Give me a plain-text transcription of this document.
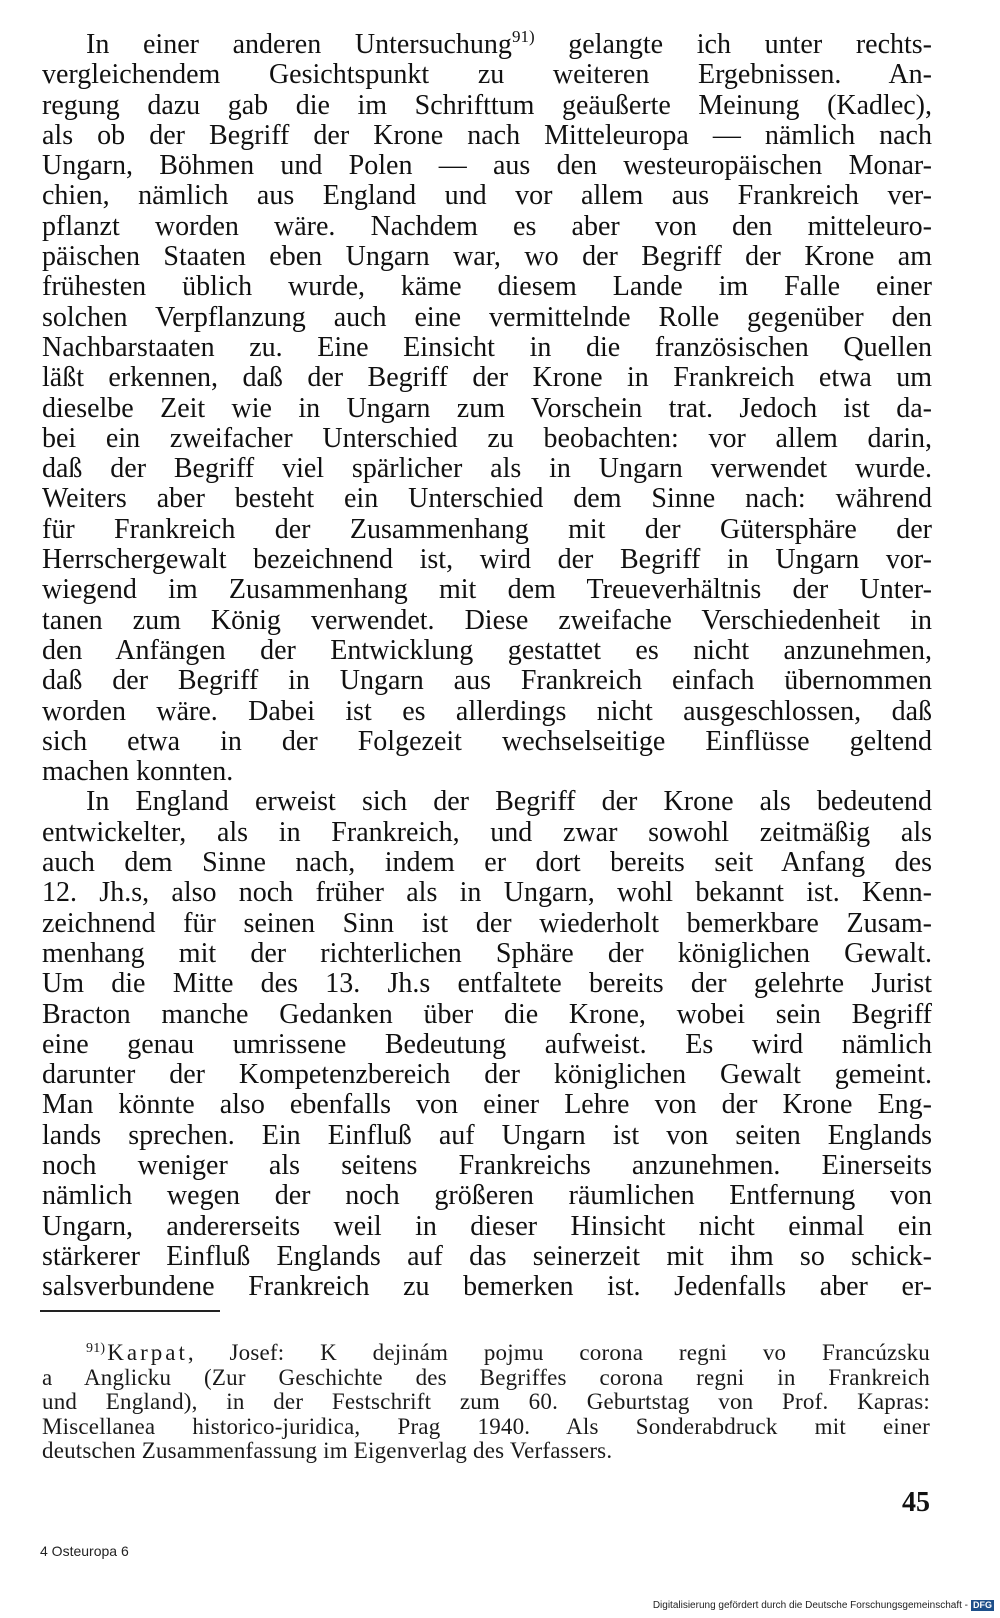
In einer anderen Untersuchung$^{91)}$ gelangte ich unter rechts-
vergleichendem Gesichtspunkt zu weiteren Ergebnissen. An-
regung dazu gab die im Schrifttum geäußerte Meinung (Kadlec),
als ob der Begriff der Krone nach Mitteleuropa — nämlich nach
Ungarn, Böhmen und Polen — aus den westeuropäischen Monar-
chien, nämlich aus England und vor allem aus Frankreich ver-
pflanzt worden wäre. Nachdem es aber von den mitteleuro-
päischen Staaten eben Ungarn war, wo der Begriff der Krone am
frühesten üblich wurde, käme diesem Lande im Falle einer
solchen Verpflanzung auch eine vermittelnde Rolle gegenüber den
Nachbarstaaten zu. Eine Einsicht in die französischen Quellen
läßt erkennen, daß der Begriff der Krone in Frankreich etwa um
dieselbe Zeit wie in Ungarn zum Vorschein trat. Jedoch ist da-
bei ein zweifacher Unterschied zu beobachten: vor allem darin,
daß der Begriff viel spärlicher als in Ungarn verwendet wurde.
Weiters aber besteht ein Unterschied dem Sinne nach: während
für Frankreich der Zusammenhang mit der Gütersphäre der
Herrschergewalt bezeichnend ist, wird der Begriff in Ungarn vor-
wiegend im Zusammenhang mit dem Treueverhältnis der Unter-
tanen zum König verwendet. Diese zweifache Verschiedenheit in
den Anfängen der Entwicklung gestattet es nicht anzunehmen,
daß der Begriff in Ungarn aus Frankreich einfach übernommen
worden wäre. Dabei ist es allerdings nicht ausgeschlossen, daß
sich etwa in der Folgezeit wechselseitige Einflüsse geltend
machen konnten.
In England erweist sich der Begriff der Krone als bedeutend
entwickelter, als in Frankreich, und zwar sowohl zeitmäßig als
auch dem Sinne nach, indem er dort bereits seit Anfang des
12. Jh.s, also noch früher als in Ungarn, wohl bekannt ist. Kenn-
zeichnend für seinen Sinn ist der wiederholt bemerkbare Zusam-
menhang mit der richterlichen Sphäre der königlichen Gewalt.
Um die Mitte des 13. Jh.s entfaltete bereits der gelehrte Jurist
Bracton manche Gedanken über die Krone, wobei sein Begriff
eine genau umrissene Bedeutung aufweist. Es wird nämlich
darunter der Kompetenzbereich der königlichen Gewalt gemeint.
Man könnte also ebenfalls von einer Lehre von der Krone Eng-
lands sprechen. Ein Einfluß auf Ungarn ist von seiten Englands
noch weniger als seitens Frankreichs anzunehmen. Einerseits
nämlich wegen der noch größeren räumlichen Entfernung von
Ungarn, andererseits weil in dieser Hinsicht nicht einmal ein
stärkerer Einfluß Englands auf das seinerzeit mit ihm so schick-
salsverbundene Frankreich zu bemerken ist. Jedenfalls aber er-
$^{91)}$Karpat, Josef: K dejinám pojmu corona regni vo Francúzsku
a Anglicku (Zur Geschichte des Begriffes corona regni in Frankreich
und England), in der Festschrift zum 60. Geburtstag von Prof. Kapras:
Miscellanea historico-juridica, Prag 1940. Als Sonderabdruck mit einer
deutschen Zusammenfassung im Eigenverlag des Verfassers.
45
4 Osteuropa 6
Digitalisierung gefördert durch die Deutsche Forschungsgemeinschaft - DFG
